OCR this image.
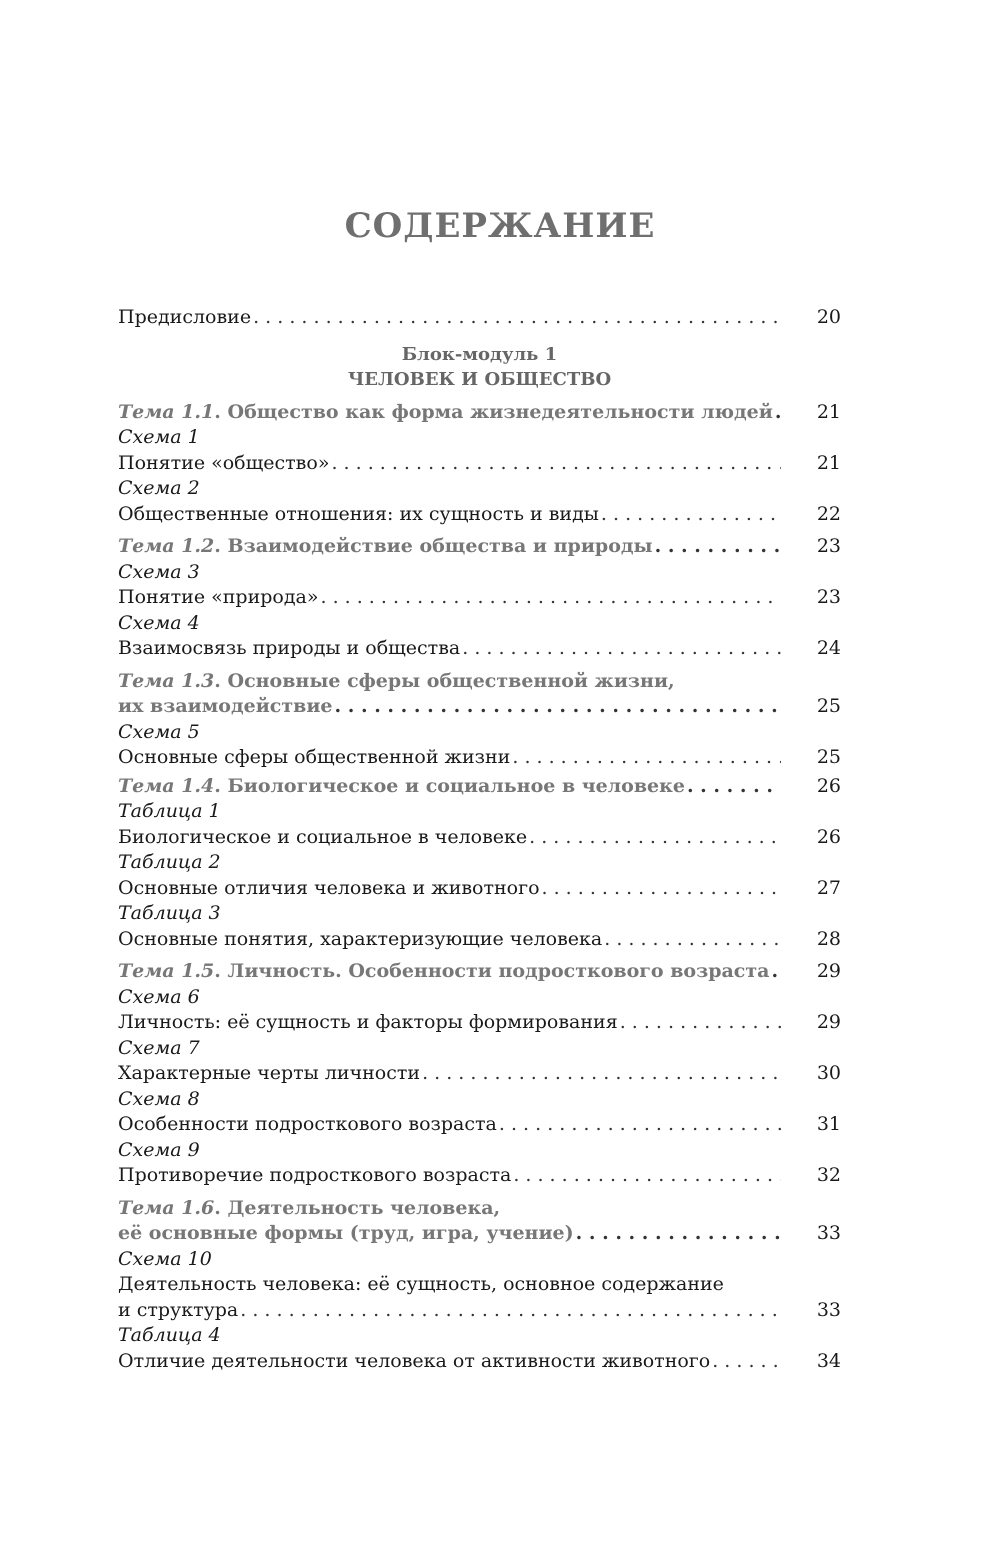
СОДЕРЖАНИЕ
Предисловие . . .	20
Блок-модуль 1
ЧЕЛОВЕК И ОБЩЕСТВО
Тема 1.1. Общество как форма жизнедеятельности людей . . .	21
Схема 1
Понятие «общество» . . .	21
Схема 2
Общественные отношения: их сущность и виды . . .	22
Тема 1.2. Взаимодействие общества и природы . . .	23
Схема 3
Понятие «природа» . . .	23
Схема 4
Взаимосвязь природы и общества . . .	24
Тема 1.3. Основные сферы общественной жизни,
их взаимодействие . . .	25
Схема 5
Основные сферы общественной жизни . . .	25
Тема 1.4. Биологическое и социальное в человеке . . .	26
Таблица 1
Биологическое и социальное в человеке . . .	26
Таблица 2
Основные отличия человека и животного . . .	27
Таблица 3
Основные понятия, характеризующие человека . . .	28
Тема 1.5. Личность. Особенности подросткового возраста . . .	29
Схема 6
Личность: её сущность и факторы формирования . . .	29
Схема 7
Характерные черты личности . . .	30
Схема 8
Особенности подросткового возраста . . .	31
Схема 9
Противоречие подросткового возраста . . .	32
Тема 1.6. Деятельность человека,
её основные формы (труд, игра, учение) . . .	33
Схема 10
Деятельность человека: её сущность, основное содержание
и структура . . .	33
Таблица 4
Отличие деятельности человека от активности животного . . .	34
